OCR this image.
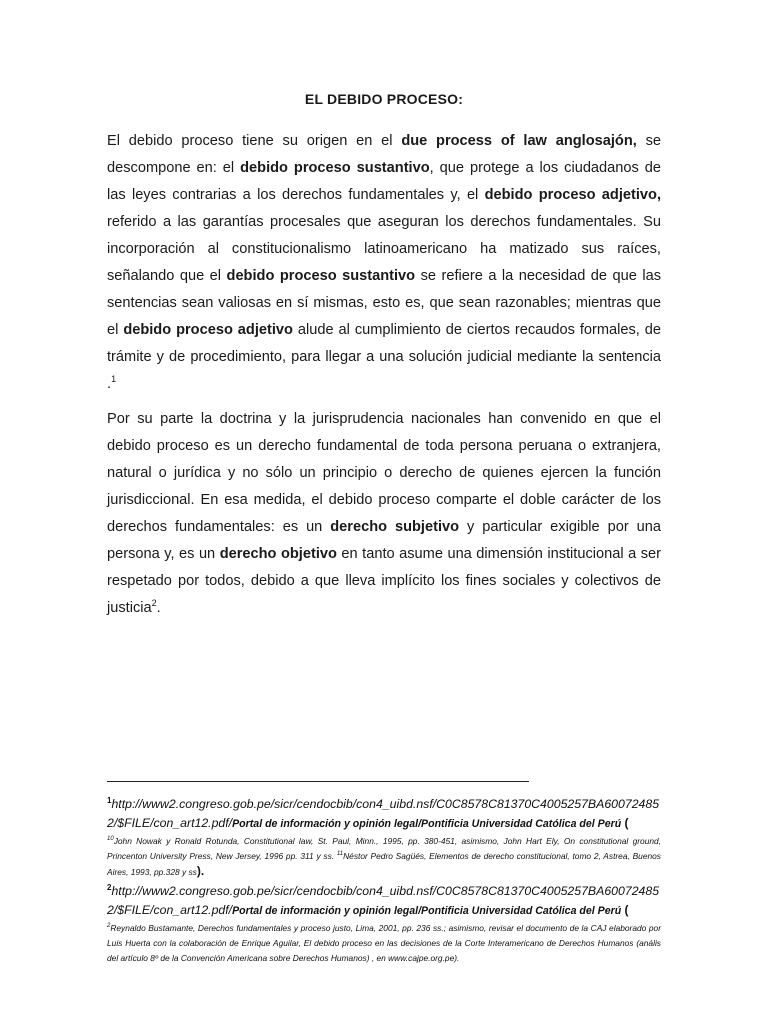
EL DEBIDO PROCESO:

El debido proceso tiene su origen en el due process of law anglosajón, se descompone en: el debido proceso sustantivo, que protege a los ciudadanos de las leyes contrarias a los derechos fundamentales y, el debido proceso adjetivo, referido a las garantías procesales que aseguran los derechos fundamentales. Su incorporación al constitucionalismo latinoamericano ha matizado sus raíces, señalando que el debido proceso sustantivo se refiere a la necesidad de que las sentencias sean valiosas en sí mismas, esto es, que sean razonables; mientras que el debido proceso adjetivo alude al cumplimiento de ciertos recaudos formales, de trámite y de procedimiento, para llegar a una solución judicial mediante la sentencia .$^1$

Por su parte la doctrina y la jurisprudencia nacionales han convenido en que el debido proceso es un derecho fundamental de toda persona peruana o extranjera, natural o jurídica y no sólo un principio o derecho de quienes ejercen la función jurisdiccional. En esa medida, el debido proceso comparte el doble carácter de los derechos fundamentales: es un derecho subjetivo y particular exigible por una persona y, es un derecho objetivo en tanto asume una dimensión institucional a ser respetado por todos, debido a que lleva implícito los fines sociales y colectivos de justicia$^2$.

$^1$http://www2.congreso.gob.pe/sicr/cendocbib/con4_uibd.nsf/C0C8578C81370C4005257BA600724852/$FILE/con_art12.pdf/Portal de información y opinión legal/Pontificia Universidad Católica del Perú (

$^{10}$John Nowak y Ronald Rotunda, Constitutional law, St. Paul, Minn., 1995, pp. 380-451, asimismo, John Hart Ely, On constitutional ground, Princenton University Press, New Jersey, 1996 pp. 311 y ss. $^{11}$Néstor Pedro Sagüés, Elementos de derecho constitucional, tomo 2, Astrea, Buenos Aires, 1993, pp.328 y ss).

$^2$http://www2.congreso.gob.pe/sicr/cendocbib/con4_uibd.nsf/C0C8578C81370C4005257BA600724852/$FILE/con_art12.pdf/Portal de información y opinión legal/Pontificia Universidad Católica del Perú (

$^2$Reynaldo Bustamante, Derechos fundamentales y proceso justo, Lima, 2001, pp. 236 ss.; asimismo, revisar el documento de la CAJ elaborado por Luis Huerta con la colaboración de Enrique Aguilar, El debido proceso en las decisiones de la Corte Interamericano de Derechos Humanos (anális del artículo 8º de la Convención Americana sobre Derechos Humanos) , en www.cajpe.org.pe).
